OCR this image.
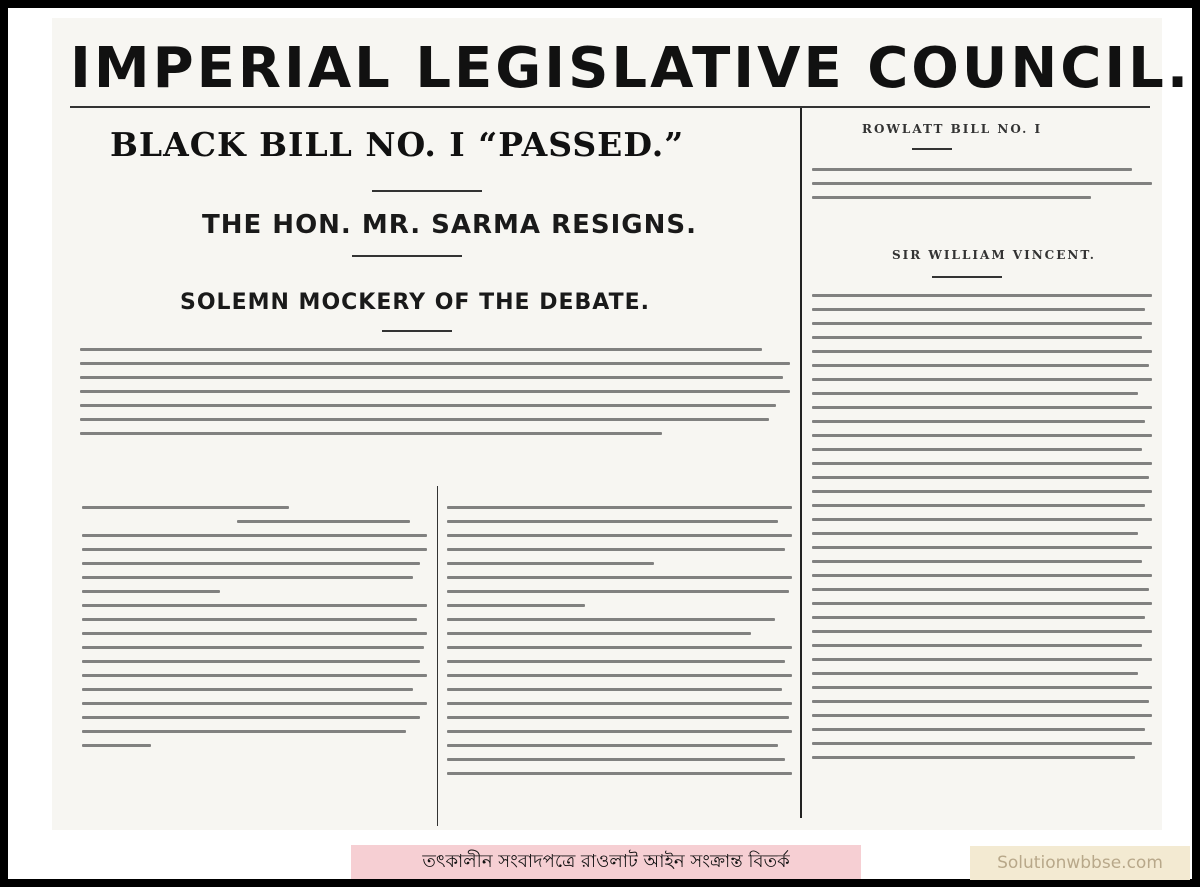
IMPERIAL LEGISLATIVE COUNCIL.
BLACK BILL NO. I “PASSED.”
THE HON. MR. SARMA RESIGNS.
SOLEMN MOCKERY OF THE DEBATE.
ROWLATT BILL NO. I
SIR WILLIAM VINCENT.
তৎকালীন সংবাদপত্রে রাওলাট আইন সংক্রান্ত বিতর্ক	Solutionwbbse.com
